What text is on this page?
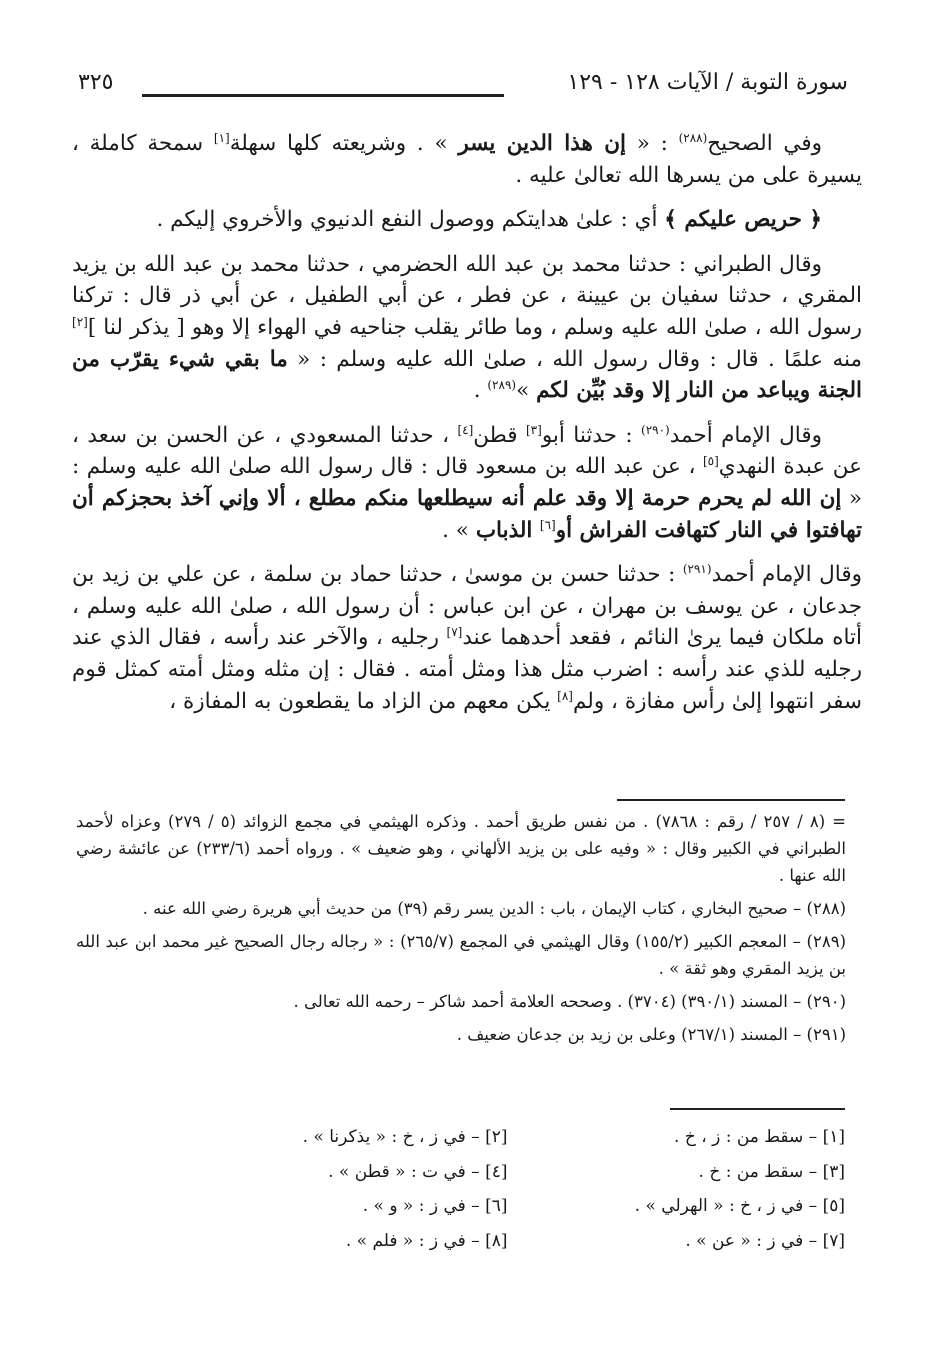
٣٢٥	سورة التوبة / الآيات ١٢٨ - ١٢٩

وفي الصحيح$^{(٢٨٨)}$ : « إن هذا الدين يسر » . وشريعته كلها سهلة[١] سمحة كاملة ، يسيرة على من يسرها الله تعالىٰ عليه .

﴿ حريص عليكم ﴾ أي : علىٰ هدايتكم ووصول النفع الدنيوي والأخروي إليكم .

وقال الطبراني : حدثنا محمد بن عبد الله الحضرمي ، حدثنا محمد بن عبد الله بن يزيد المقري ، حدثنا سفيان بن عيينة ، عن فطر ، عن أبي الطفيل ، عن أبي ذر قال : تركنا رسول الله ، صلىٰ الله عليه وسلم ، وما طائر يقلب جناحيه في الهواء إلا وهو [ يذكر لنا ][٢] منه علمًا . قال : وقال رسول الله ، صلىٰ الله عليه وسلم : « ما بقي شيء يقرّب من الجنة ويباعد من النار إلا وقد بُيِّن لكم »$^{(٢٨٩)}$ .

وقال الإمام أحمد$^{(٢٩٠)}$ : حدثنا أبو[٣] قطن[٤] ، حدثنا المسعودي ، عن الحسن بن سعد ، عن عبدة النهدي[٥] ، عن عبد الله بن مسعود قال : قال رسول الله صلىٰ الله عليه وسلم : « إن الله لم يحرم حرمة إلا وقد علم أنه سيطلعها منكم مطلع ، ألا وإني آخذ بحجزكم أن تهافتوا في النار كتهافت الفراش أو[٦] الذباب » .

وقال الإمام أحمد$^{(٢٩١)}$ : حدثنا حسن بن موسىٰ ، حدثنا حماد بن سلمة ، عن علي بن زيد بن جدعان ، عن يوسف بن مهران ، عن ابن عباس : أن رسول الله ، صلىٰ الله عليه وسلم ، أتاه ملكان فيما يرىٰ النائم ، فقعد أحدهما عند[٧] رجليه ، والآخر عند رأسه ، فقال الذي عند رجليه للذي عند رأسه : اضرب مثل هذا ومثل أمته . فقال : إن مثله ومثل أمته كمثل قوم سفر انتهوا إلىٰ رأس مفازة ، ولم[٨] يكن معهم من الزاد ما يقطعون به المفازة ،

= (٨ / ٢٥٧ / رقم : ٧٨٦٨) . من نفس طريق أحمد . وذكره الهيثمي في مجمع الزوائد (٥ / ٢٧٩) وعزاه لأحمد الطبراني في الكبير وقال : « وفيه على بن يزيد الألهاني ، وهو ضعيف » . ورواه أحمد (٢٣٣/٦) عن عائشة رضي الله عنها .

(٢٨٨) – صحيح البخاري ، كتاب الإيمان ، باب : الدين يسر رقم (٣٩) من حديث أبي هريرة رضي الله عنه .

(٢٨٩) – المعجم الكبير (١٥٥/٢) وقال الهيثمي في المجمع (٢٦٥/٧) : « رجاله رجال الصحيح غير محمد ابن عبد الله بن يزيد المقري وهو ثقة » .

(٢٩٠) – المسند (٣٩٠/١) (٣٧٠٤) . وصححه العلامة أحمد شاكر – رحمه الله تعالى .

(٢٩١) – المسند (٢٦٧/١) وعلى بن زيد بن جدعان ضعيف .

[١] – سقط من : ز ، خ .
[٢] – في ز ، خ : « يذكرنا » .
[٣] – سقط من : خ .
[٤] – في ت : « قطن » .
[٥] – في ز ، خ : « الهرلي » .
[٦] – في ز : « و » .
[٧] – في ز : « عن » .
[٨] – في ز : « فلم » .
